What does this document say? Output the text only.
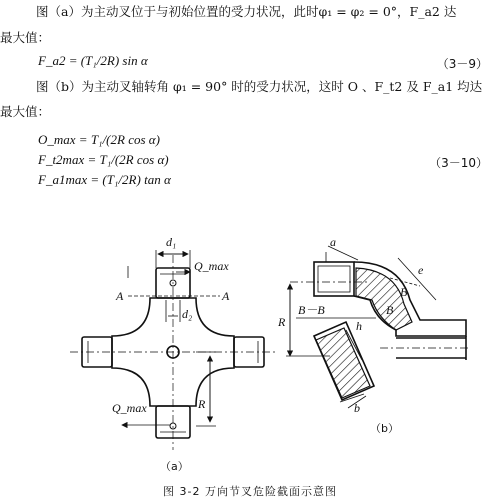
图（a）为主动叉位于与初始位置的受力状况，此时φ₁ = φ₂ = 0°，F_a2 达
最大值：
F_a2 = (T₁/2R) sin α	（3－9）
图（b）为主动叉轴转角 φ₁ = 90° 时的受力状况，这时 O 、F_t2 及 F_a1 均达
最大值：
O_max = T₁/(2R cos α)
F_t2max = T₁/(2R cos α)	（3－10）
F_a1max = (T₁/2R) tan α
d₁
d₂
Q_max
Q_max
A	A
R
a
e
B
B
B－B
h
b
R
（a）
（b）
图 3-2 万向节叉危险截面示意图
